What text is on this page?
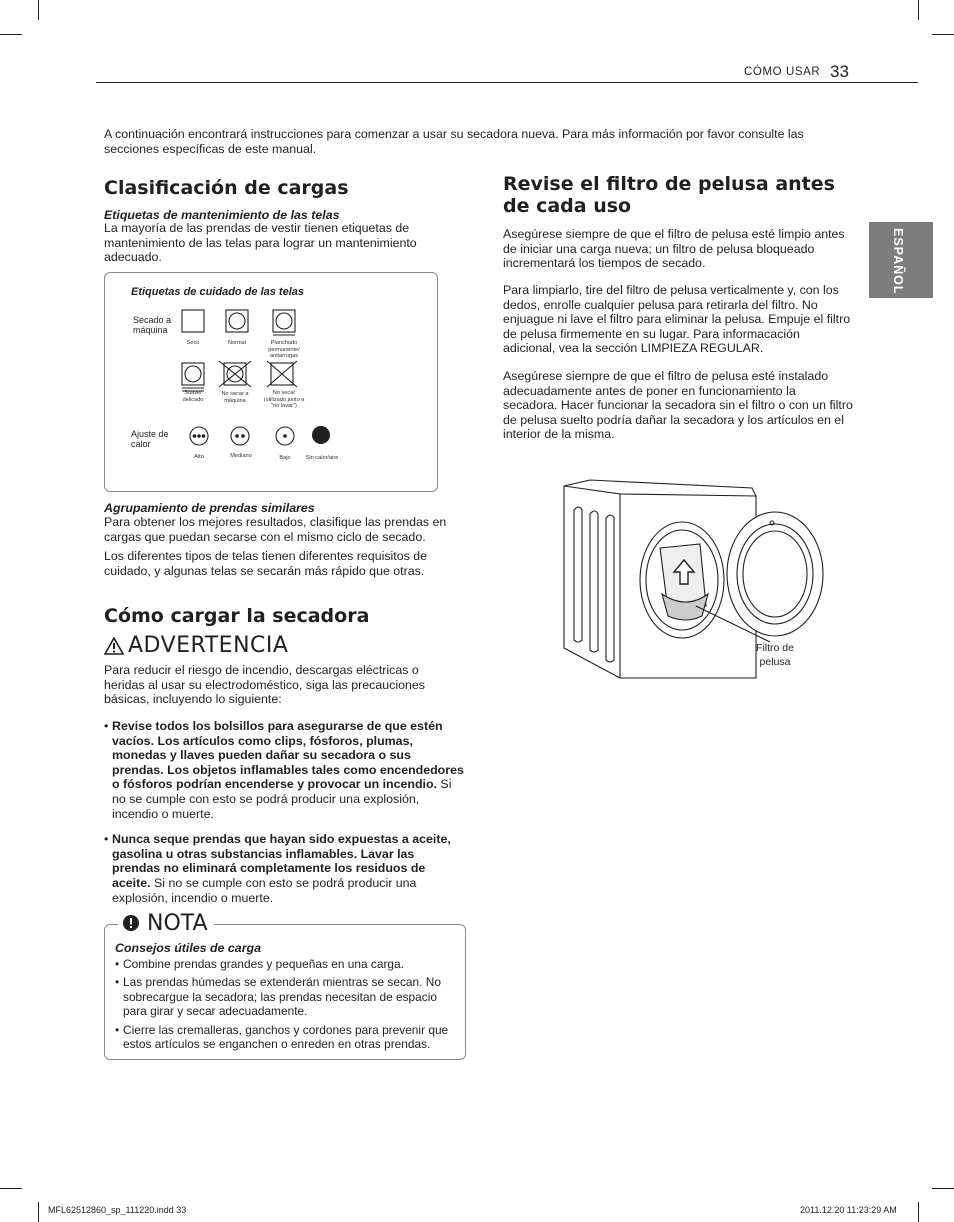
CÓMO USAR 33
ESPAÑOL

A continuación encontrará instrucciones para comenzar a usar su secadora nueva. Para más información por favor consulte las secciones específicas de este manual.

Clasificación de cargas
Etiquetas de mantenimiento de las telas

La mayoría de las prendas de vestir tienen etiquetas de mantenimiento de las telas para lograr un mantenimiento adecuado.

Etiquetas de cuidado de las telas
Secado a máquina
Seco	Normal	Planchado permanente/ antiarrugas
Suave/ delicado
No secar a máquina
No secar (utilizado junto a "no lavar")
Ajuste de calor
Alto	Mediano	Bajo	Sin calor/aire
Agrupamiento de prendas similares

Para obtener los mejores resultados, clasifique las prendas en cargas que puedan secarse con el mismo ciclo de secado.

Los diferentes tipos de telas tienen diferentes requisitos de cuidado, y algunas telas se secarán más rápido que otras.

Cómo cargar la secadora
ADVERTENCIA

Para reducir el riesgo de incendio, descargas eléctricas o heridas al usar su electrodoméstico, siga las precauciones básicas, incluyendo lo siguiente:

• Revise todos los bolsillos para asegurarse de que estén vacíos. Los artículos como clips, fósforos, plumas, monedas y llaves pueden dañar su secadora o sus prendas. Los objetos inflamables tales como encendedores o fósforos podrían encenderse y provocar un incendio. Si no se cumple con esto se podrá producir una explosión, incendio o muerte.
• Nunca seque prendas que hayan sido expuestas a aceite, gasolina u otras substancias inflamables. Lavar las prendas no eliminará completamente los residuos de aceite. Si no se cumple con esto se podrá producir una explosión, incendio o muerte.
NOTA
Consejos útiles de carga
• Combine prendas grandes y pequeñas en una carga.
• Las prendas húmedas se extenderán mientras se secan. No sobrecargue la secadora; las prendas necesitan de espacio para girar y secar adecuadamente.
• Cierre las cremalleras, ganchos y cordones para prevenir que estos artículos se enganchen o enreden en otras prendas.
Revise el filtro de pelusa antes de cada uso

Asegúrese siempre de que el filtro de pelusa esté limpio antes de iniciar una carga nueva; un filtro de pelusa bloqueado incrementará los tiempos de secado.

Para limpiarlo, tire del filtro de pelusa verticalmente y, con los dedos, enrolle cualquier pelusa para retirarla del filtro. No enjuague ni lave el filtro para eliminar la pelusa. Empuje el filtro de pelusa firmemente en su lugar. Para informacación adicional, vea la sección LIMPIEZA REGULAR.

Asegúrese siempre de que el filtro de pelusa esté instalado adecuadamente antes de poner en funcionamiento la secadora. Hacer funcionar la secadora sin el filtro o con un filtro de pelusa suelto podría dañar la secadora y los artículos en el interior de la misma.

Filtro de pelusa
MFL62512860_sp_111220.indd 33	2011.12.20 11:23:29 AM
